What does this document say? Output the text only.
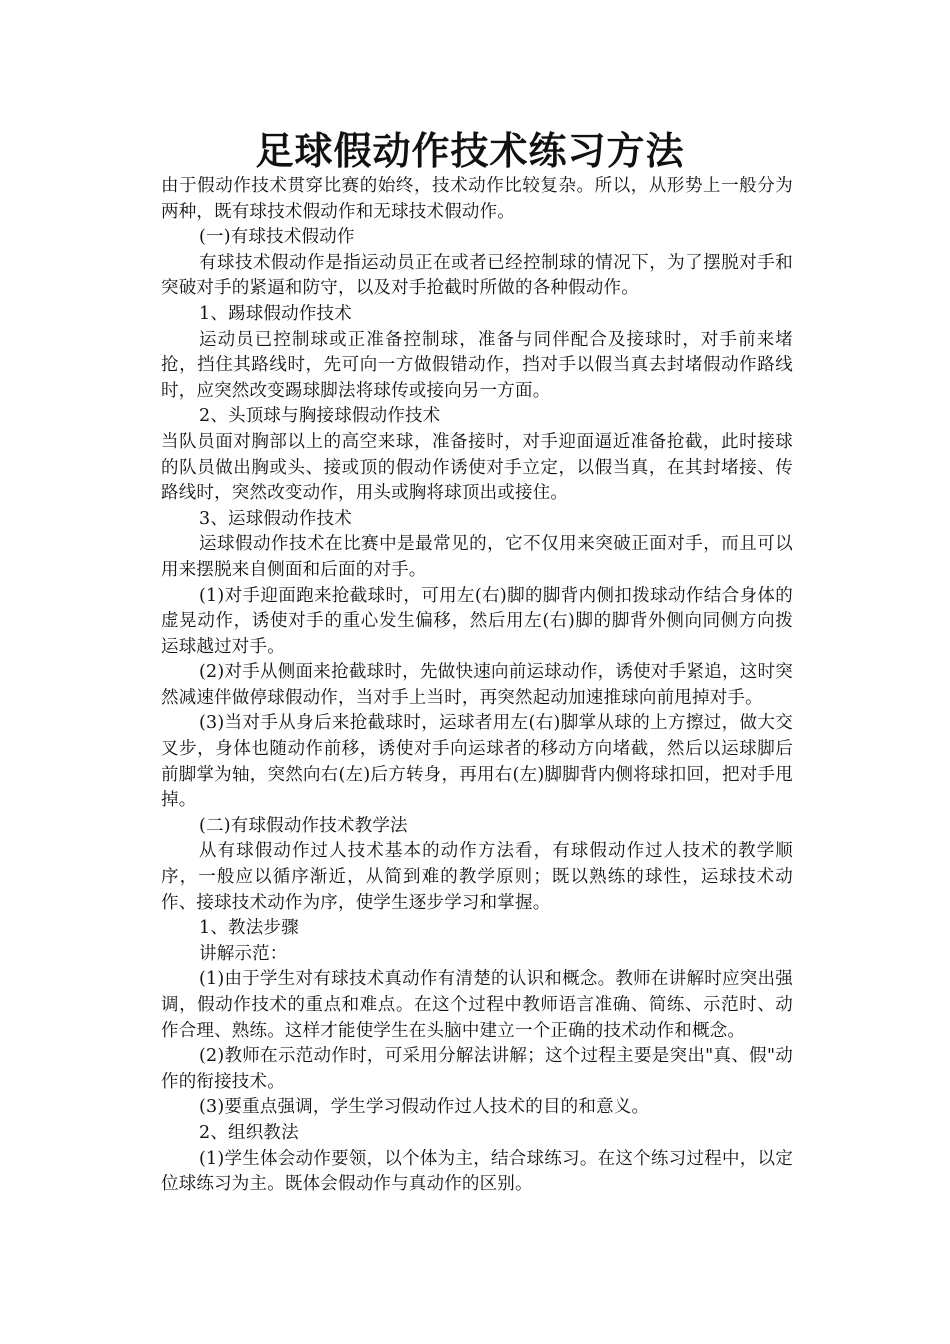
足球假动作技术练习方法

由于假动作技术贯穿比赛的始终，技术动作比较复杂。所以，从形势上一般分为两种，既有球技术假动作和无球技术假动作。

(一)有球技术假动作

有球技术假动作是指运动员正在或者已经控制球的情况下，为了摆脱对手和突破对手的紧逼和防守，以及对手抢截时所做的各种假动作。

1、踢球假动作技术

运动员已控制球或正准备控制球，准备与同伴配合及接球时，对手前来堵抢，挡住其路线时，先可向一方做假错动作，挡对手以假当真去封堵假动作路线时，应突然改变踢球脚法将球传或接向另一方面。

2、头顶球与胸接球假动作技术

当队员面对胸部以上的高空来球，准备接时，对手迎面逼近准备抢截，此时接球的队员做出胸或头、接或顶的假动作诱使对手立定，以假当真，在其封堵接、传路线时，突然改变动作，用头或胸将球顶出或接住。

3、运球假动作技术

运球假动作技术在比赛中是最常见的，它不仅用来突破正面对手，而且可以用来摆脱来自侧面和后面的对手。

(1)对手迎面跑来抢截球时，可用左(右)脚的脚背内侧扣拨球动作结合身体的虚晃动作，诱使对手的重心发生偏移，然后用左(右)脚的脚背外侧向同侧方向拨运球越过对手。

(2)对手从侧面来抢截球时，先做快速向前运球动作，诱使对手紧追，这时突然减速伴做停球假动作，当对手上当时，再突然起动加速推球向前甩掉对手。

(3)当对手从身后来抢截球时，运球者用左(右)脚掌从球的上方擦过，做大交叉步，身体也随动作前移，诱使对手向运球者的移动方向堵截，然后以运球脚后前脚掌为轴，突然向右(左)后方转身，再用右(左)脚脚背内侧将球扣回，把对手甩掉。

(二)有球假动作技术教学法

从有球假动作过人技术基本的动作方法看，有球假动作过人技术的教学顺序，一般应以循序渐近，从简到难的教学原则；既以熟练的球性，运球技术动作、接球技术动作为序，使学生逐步学习和掌握。

1、教法步骤

讲解示范：

(1)由于学生对有球技术真动作有清楚的认识和概念。教师在讲解时应突出强调，假动作技术的重点和难点。在这个过程中教师语言准确、简练、示范时、动作合理、熟练。这样才能使学生在头脑中建立一个正确的技术动作和概念。

(2)教师在示范动作时，可采用分解法讲解；这个过程主要是突出"真、假"动作的衔接技术。

(3)要重点强调，学生学习假动作过人技术的目的和意义。

2、组织教法

(1)学生体会动作要领，以个体为主，结合球练习。在这个练习过程中，以定位球练习为主。既体会假动作与真动作的区别。
